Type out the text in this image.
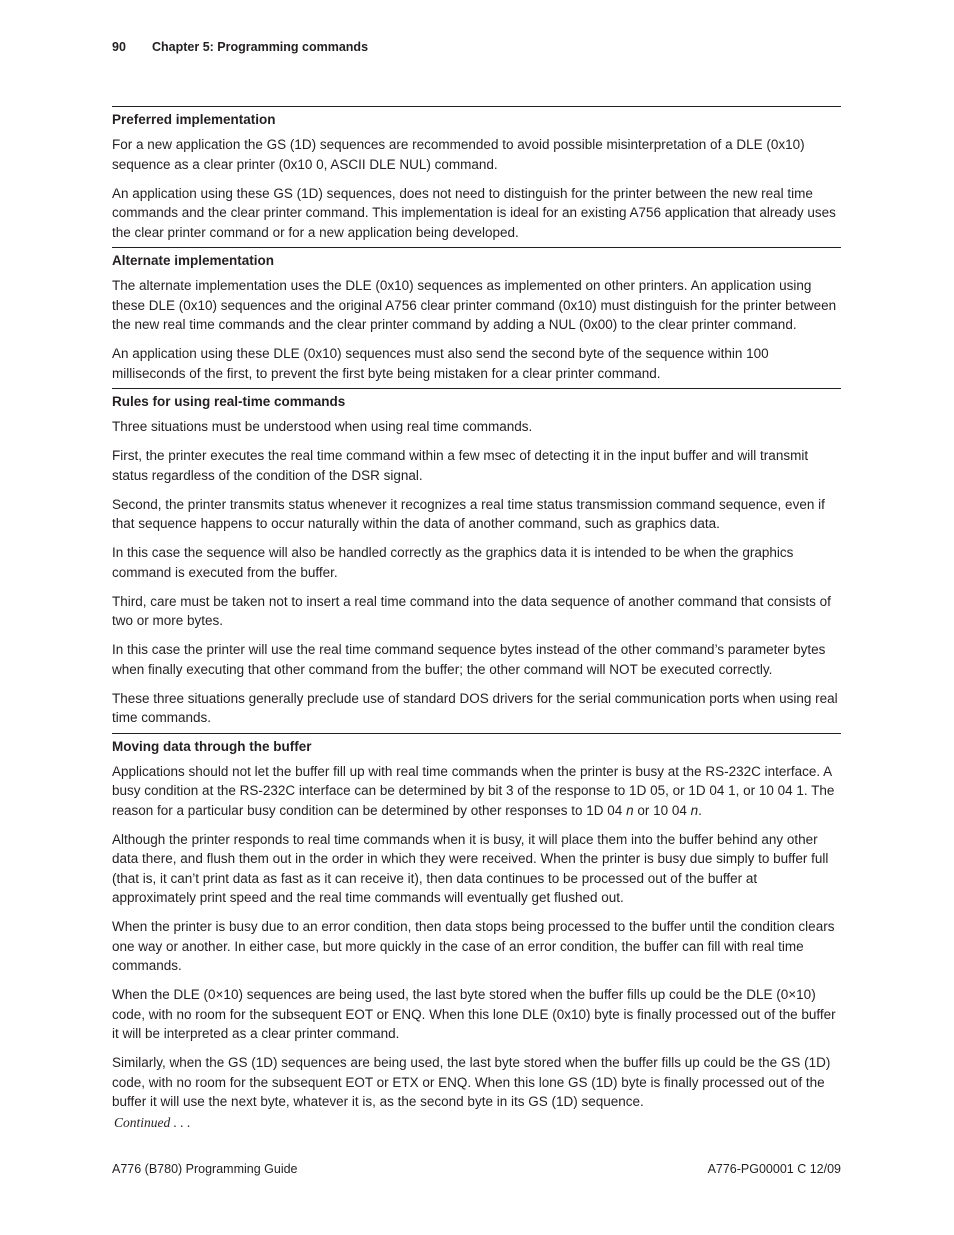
90 Chapter 5: Programming commands
Preferred implementation

For a new application the GS (1D) sequences are recommended to avoid possible misinterpretation of a DLE (0x10) sequence as a clear printer (0x10 0, ASCII DLE NUL) command.

An application using these GS (1D) sequences, does not need to distinguish for the printer between the new real time commands and the clear printer command. This implementation is ideal for an existing A756 application that already uses the clear printer command or for a new application being developed.

Alternate implementation

The alternate implementation uses the DLE (0x10) sequences as implemented on other printers. An application using these DLE (0x10) sequences and the original A756 clear printer command (0x10) must distinguish for the printer between the new real time commands and the clear printer command by adding a NUL (0x00) to the clear printer command.

An application using these DLE (0x10) sequences must also send the second byte of the sequence within 100 milliseconds of the first, to prevent the first byte being mistaken for a clear printer command.

Rules for using real-time commands

Three situations must be understood when using real time commands.

First, the printer executes the real time command within a few msec of detecting it in the input buffer and will transmit status regardless of the condition of the DSR signal.

Second, the printer transmits status whenever it recognizes a real time status transmission command sequence, even if that sequence happens to occur naturally within the data of another command, such as graphics data.

In this case the sequence will also be handled correctly as the graphics data it is intended to be when the graphics command is executed from the buffer.

Third, care must be taken not to insert a real time command into the data sequence of another command that consists of two or more bytes.

In this case the printer will use the real time command sequence bytes instead of the other command’s parameter bytes when finally executing that other command from the buffer; the other command will NOT be executed correctly.

These three situations generally preclude use of standard DOS drivers for the serial communication ports when using real time commands.

Moving data through the buffer

Applications should not let the buffer fill up with real time commands when the printer is busy at the RS-232C interface. A busy condition at the RS-232C interface can be determined by bit 3 of the response to 1D 05, or 1D 04 1, or 10 04 1. The reason for a particular busy condition can be determined by other responses to 1D 04 n or 10 04 n.

Although the printer responds to real time commands when it is busy, it will place them into the buffer behind any other data there, and flush them out in the order in which they were received. When the printer is busy due simply to buffer full (that is, it can’t print data as fast as it can receive it), then data continues to be processed out of the buffer at approximately print speed and the real time commands will eventually get flushed out.

When the printer is busy due to an error condition, then data stops being processed to the buffer until the condition clears one way or another. In either case, but more quickly in the case of an error condition, the buffer can fill with real time commands.

When the DLE (0×10) sequences are being used, the last byte stored when the buffer fills up could be the DLE (0×10) code, with no room for the subsequent EOT or ENQ. When this lone DLE (0x10) byte is finally processed out of the buffer it will be interpreted as a clear printer command.

Similarly, when the GS (1D) sequences are being used, the last byte stored when the buffer fills up could be the GS (1D) code, with no room for the subsequent EOT or ETX or ENQ. When this lone GS (1D) byte is finally processed out of the buffer it will use the next byte, whatever it is, as the second byte in its GS (1D) sequence.

Continued . . .
A776 (B780) Programming Guide	A776-PG00001 C 12/09
